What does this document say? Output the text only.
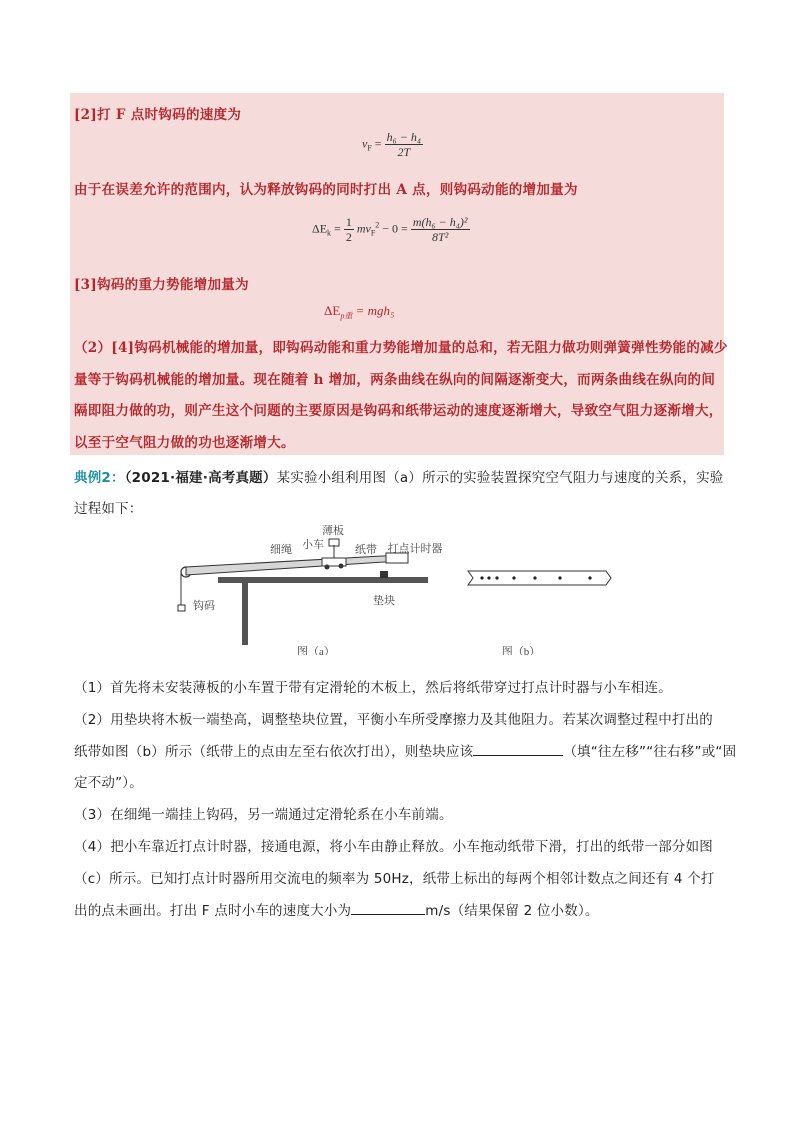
[2]打 F 点时钩码的速度为
$v_F = \frac{\text{h₆ − h₄}}{2T}$
由于在误差允许的范围内，认为释放钩码的同时打出 A 点，则钩码动能的增加量为
$\Delta E_k = \frac{1}{2} mv_F^2 - 0 = \frac{\text{m(h₆ − h₄)²}}{\text{8T²}}$
[3]钩码的重力势能增加量为
$\Delta E_{p重} = mgh_5$
（2）[4]钩码机械能的增加量，即钩码动能和重力势能增加量的总和，若无阻力做功则弹簧弹性势能的减少
量等于钩码机械能的增加量。现在随着 h 增加，两条曲线在纵向的间隔逐渐变大，而两条曲线在纵向的间
隔即阻力做的功，则产生这个问题的主要原因是钩码和纸带运动的速度逐渐增大，导致空气阻力逐渐增大，
以至于空气阻力做的功也逐渐增大。
典例2：（2021·福建·高考真题）某实验小组利用图（a）所示的实验装置探究空气阻力与速度的关系，实验
过程如下：
薄板
小车
细绳	纸带 打点计时器
钩码	垫块
图（a）	图（b）
（1）首先将未安装薄板的小车置于带有定滑轮的木板上，然后将纸带穿过打点计时器与小车相连。
（2）用垫块将木板一端垫高，调整垫块位置，平衡小车所受摩擦力及其他阻力。若某次调整过程中打出的
纸带如图（b）所示（纸带上的点由左至右依次打出），则垫块应该	（填“往左移”“往右移”或“固
定不动”）。
（3）在细绳一端挂上钩码，另一端通过定滑轮系在小车前端。
（4）把小车靠近打点计时器，接通电源，将小车由静止释放。小车拖动纸带下滑，打出的纸带一部分如图
（c）所示。已知打点计时器所用交流电的频率为 50Hz，纸带上标出的每两个相邻计数点之间还有 4 个打
出的点未画出。打出 F 点时小车的速度大小为	m/s（结果保留 2 位小数）。
